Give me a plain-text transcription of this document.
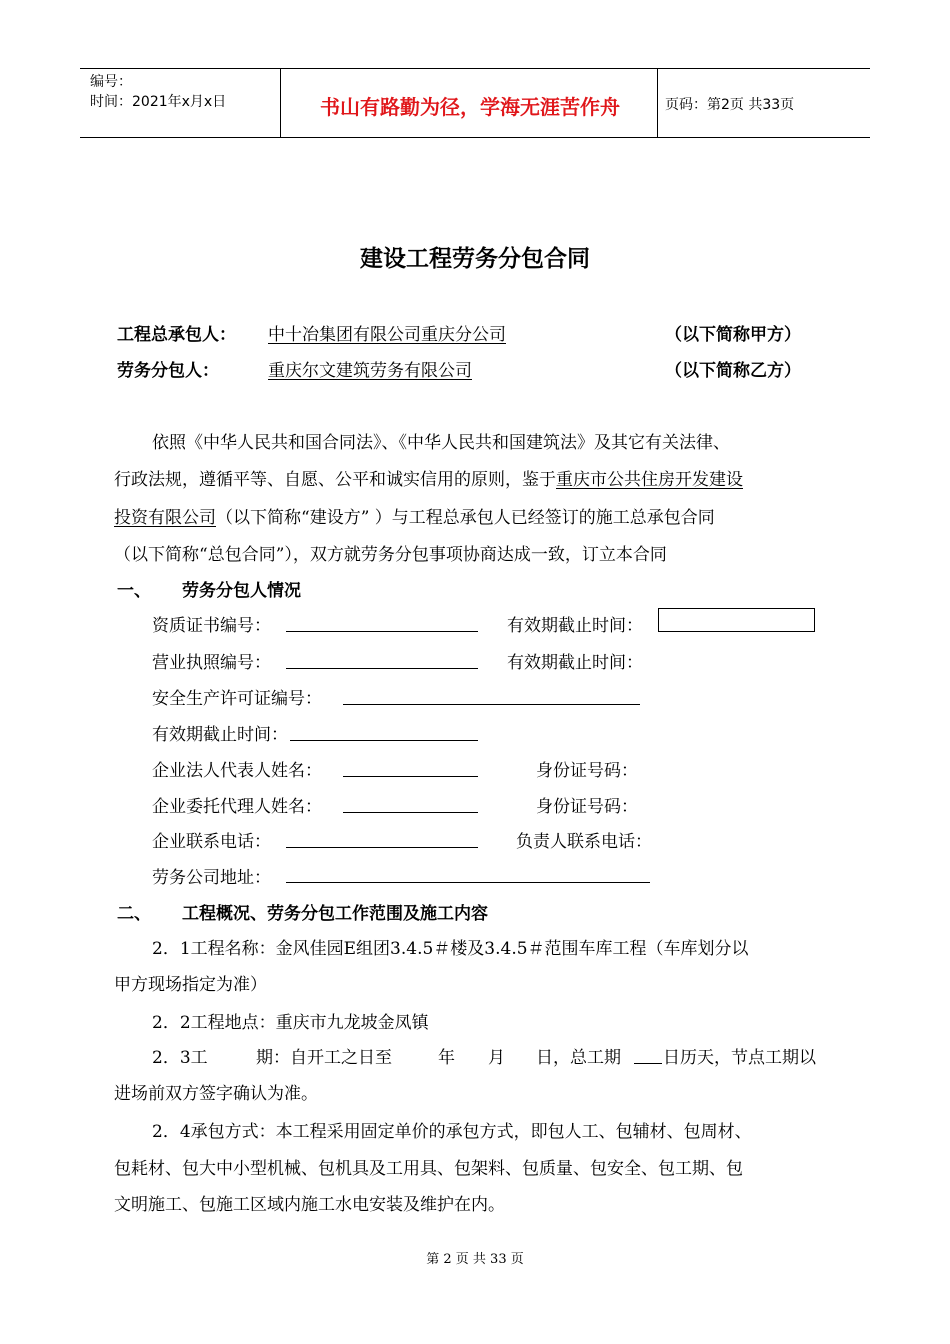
编号：
时间：2021年x月x日	书山有路勤为径，学海无涯苦作舟	页码：第2页 共33页
建设工程劳务分包合同
工程总承包人： 中十冶集团有限公司重庆分公司	（以下简称甲方）
劳务分包人：	重庆尔文建筑劳务有限公司	（以下简称乙方）
依照《中华人民共和国合同法》、《中华人民共和国建筑法》及其它有关法律、
行政法规，遵循平等、自愿、公平和诚实信用的原则，鉴于重庆市公共住房开发建设
投资有限公司（以下简称“建设方” ）与工程总承包人已经签订的施工总承包合同
（以下简称“总包合同”），双方就劳务分包事项协商达成一致，订立本合同
一、 劳务分包人情况
资质证书编号：	有效期截止时间：
营业执照编号：	有效期截止时间：
安全生产许可证编号：
有效期截止时间：
企业法人代表人姓名：	身份证号码：
企业委托代理人姓名：	身份证号码：
企业联系电话：	负责人联系电话：
劳务公司地址：
二、 工程概况、劳务分包工作范围及施工内容
2．1工程名称：金风佳园E组团3.4.5＃楼及3.4.5＃范围车库工程（车库划分以
甲方现场指定为准）
2．2工程地点：重庆市九龙坡金凤镇
2．3工	期：自开工之日至	年 月 日，总工期 日历天，节点工期以
进场前双方签字确认为准。
2．4承包方式：本工程采用固定单价的承包方式，即包人工、包辅材、包周材、
包耗材、包大中小型机械、包机具及工用具、包架料、包质量、包安全、包工期、包
文明施工、包施工区域内施工水电安装及维护在内。
第 2 页 共 33 页
